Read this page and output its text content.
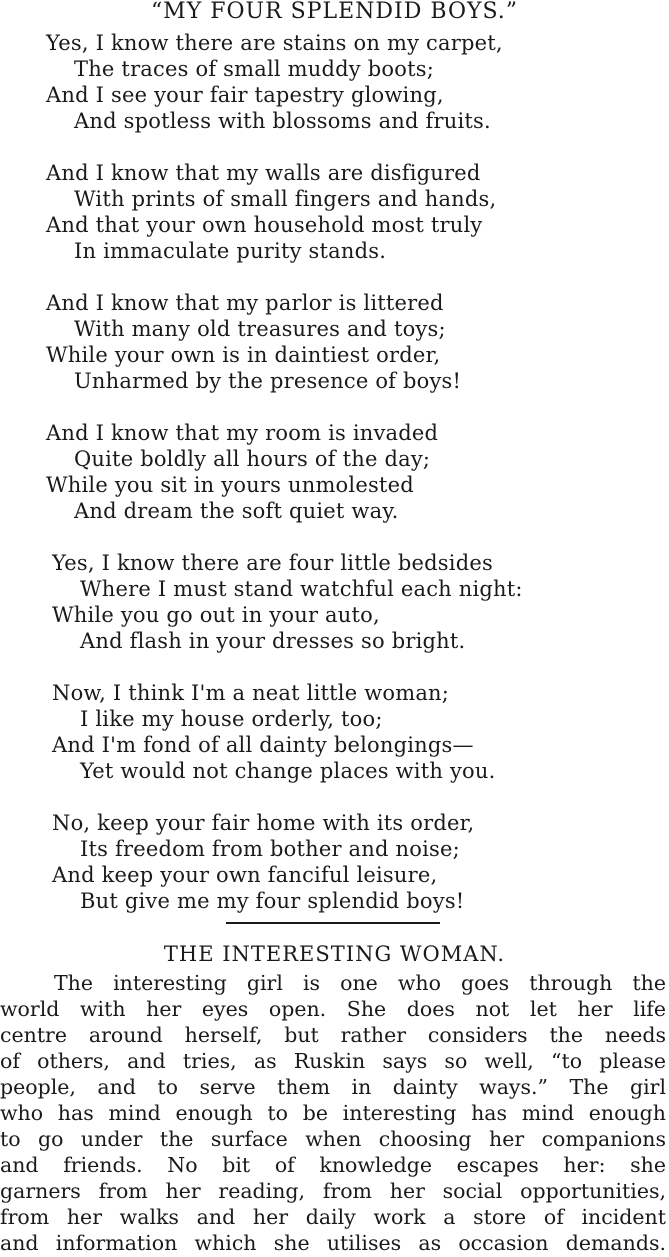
“MY FOUR SPLENDID BOYS.”
Yes, I know there are stains on my carpet,
The traces of small muddy boots;
And I see your fair tapestry glowing,
And spotless with blossoms and fruits.
And I know that my walls are disfigured
With prints of small fingers and hands,
And that your own household most truly
In immaculate purity stands.
And I know that my parlor is littered
With many old treasures and toys;
While your own is in daintiest order,
Unharmed by the presence of boys!
And I know that my room is invaded
Quite boldly all hours of the day;
While you sit in yours unmolested
And dream the soft quiet way.
Yes, I know there are four little bedsides
Where I must stand watchful each night:
While you go out in your auto,
And flash in your dresses so bright.
Now, I think I'm a neat little woman;
I like my house orderly, too;
And I'm fond of all dainty belongings—
Yet would not change places with you.
No, keep your fair home with its order,
Its freedom from bother and noise;
And keep your own fanciful leisure,
But give me my four splendid boys!
THE INTERESTING WOMAN.
The interesting girl is one who goes through the
world with her eyes open. She does not let her life
centre around herself, but rather considers the needs
of others, and tries, as Ruskin says so well, “to please
people, and to serve them in dainty ways.” The girl
who has mind enough to be interesting has mind enough
to go under the surface when choosing her companions
and friends. No bit of knowledge escapes her: she
garners from her reading, from her social opportunities,
from her walks and her daily work a store of incident
and information which she utilises as occasion demands.
